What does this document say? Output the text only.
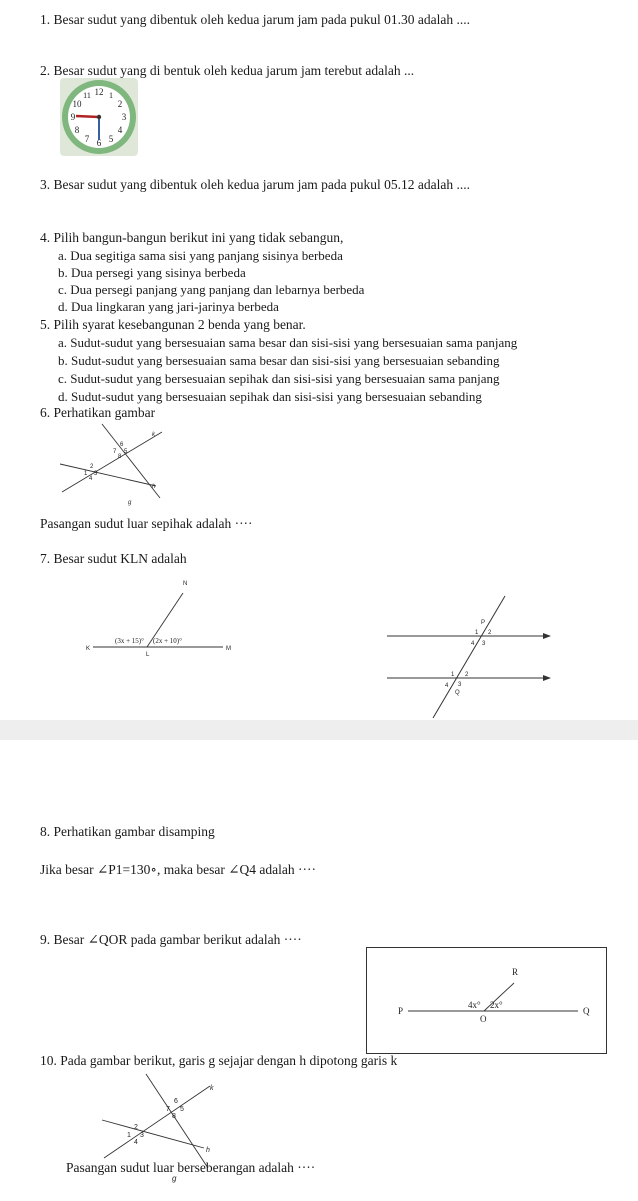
1. Besar sudut yang dibentuk oleh kedua jarum jam pada pukul 01.30 adalah ....
2. Besar sudut yang di bentuk oleh kedua jarum jam terebut adalah ...
12 1
2
3
4
5
6
7
8
9
10
11
3. Besar sudut yang dibentuk oleh kedua jarum jam pada pukul 05.12 adalah ....
4. Pilih bangun-bangun berikut ini yang tidak sebangun,
a. Dua segitiga sama sisi yang panjang sisinya berbeda
b. Dua persegi yang sisinya berbeda
c. Dua persegi panjang yang panjang dan lebarnya berbeda
d. Dua lingkaran yang jari-jarinya berbeda
5. Pilih syarat kesebangunan 2 benda yang benar.
a. Sudut-sudut yang bersesuaian sama besar dan sisi-sisi yang bersesuaian sama panjang
b. Sudut-sudut yang bersesuaian sama besar dan sisi-sisi yang bersesuaian sebanding
c. Sudut-sudut yang bersesuaian sepihak dan sisi-sisi yang bersesuaian sama panjang
d. Sudut-sudut yang bersesuaian sepihak dan sisi-sisi yang bersesuaian sebanding
6. Perhatikan gambar
k
h
g
6
7 5
8
2
1 3
4
Pasangan sudut luar sepihak adalah ····
7. Besar sudut KLN adalah
N
K	M
L
(3x + 15)° (2x + 10)°
P
1 2
4 3
1 2
4 3
Q
8. Perhatikan gambar disamping
Jika besar ∠P1=130∘, maka besar ∠Q4 adalah ····
9. Besar ∠QOR pada gambar berikut adalah ····
R
P	Q
O
4x° 2x°
10. Pada gambar berikut, garis g sejajar dengan h dipotong garis k
k
h
6
7 5
8
2
1 3
4
Pasangan sudut luar berseberangan adalah ····
g
